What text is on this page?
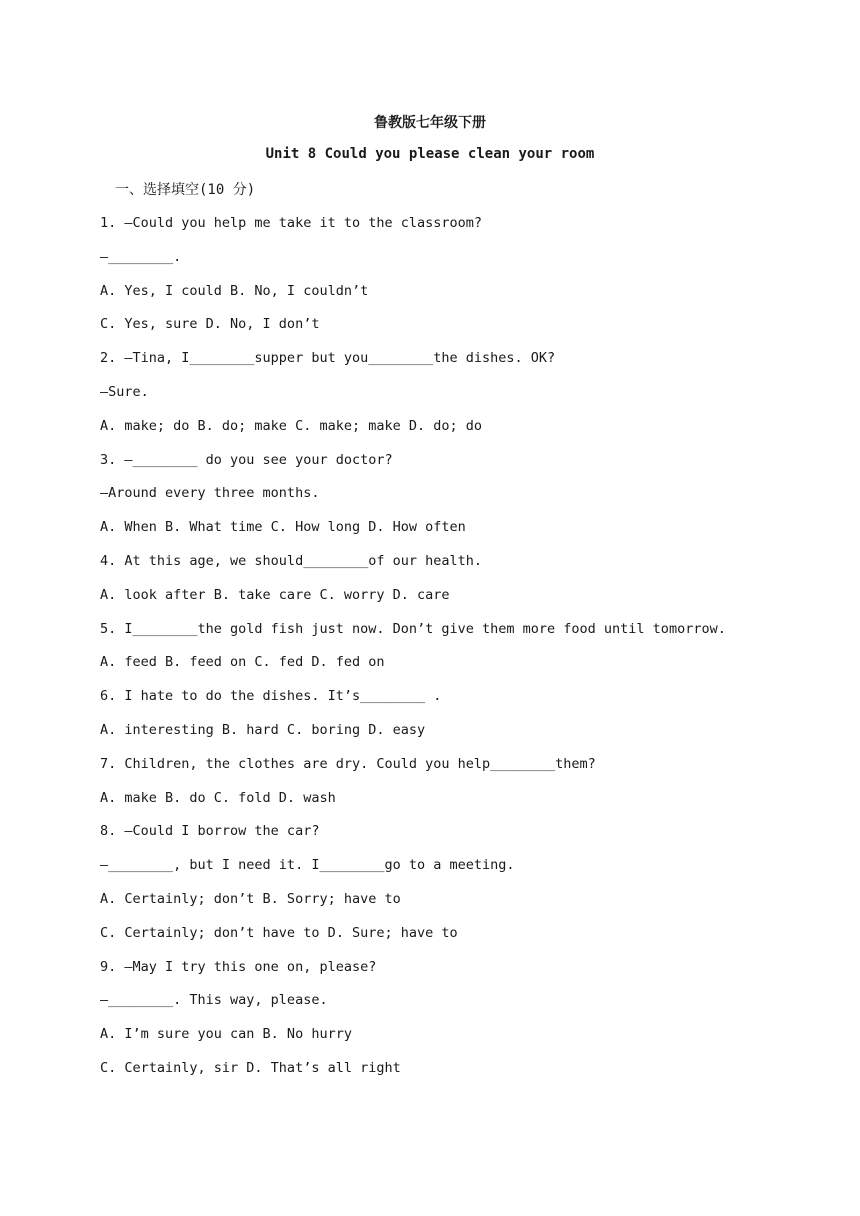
鲁教版七年级下册
Unit 8 Could you please clean your room
一、选择填空(10 分)
1. —Could you help me take it to the classroom?
—________.
A. Yes, I could B. No, I couldn’t
C. Yes, sure D. No, I don’t
2. —Tina, I________supper but you________the dishes. OK?
—Sure.
A. make; do B. do; make C. make; make D. do; do
3. —________ do you see your doctor?
—Around every three months.
A. When B. What time C. How long D. How often
4. At this age, we should________of our health.
A. look after B. take care C. worry D. care
5. I________the gold fish just now. Don’t give them more food until tomorrow.
A. feed B. feed on C. fed D. fed on
6. I hate to do the dishes. It’s________ .
A. interesting B. hard C. boring D. easy
7. Children, the clothes are dry. Could you help________them?
A. make B. do C. fold D. wash
8. —Could I borrow the car?
—________, but I need it. I________go to a meeting.
A. Certainly; don’t B. Sorry; have to
C. Certainly; don’t have to D. Sure; have to
9. —May I try this one on, please?
—________. This way, please.
A. I’m sure you can B. No hurry
C. Certainly, sir D. That’s all right
